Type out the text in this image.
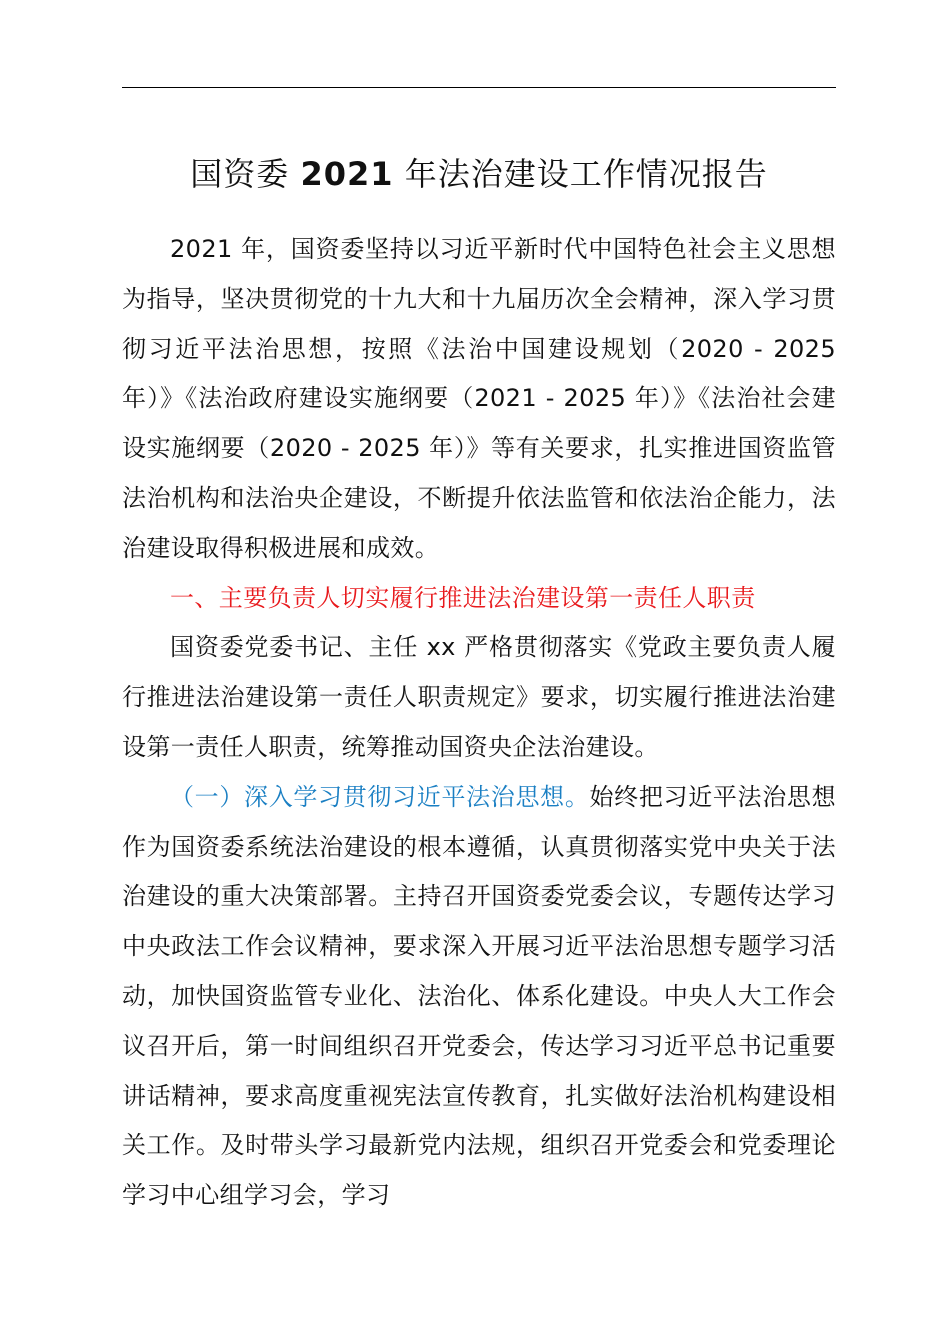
国资委 2021 年法治建设工作情况报告

2021 年，国资委坚持以习近平新时代中国特色社会主义思想为指导，坚决贯彻党的十九大和十九届历次全会精神，深入学习贯彻习近平法治思想，按照《法治中国建设规划（2020 - 2025 年）》《法治政府建设实施纲要（2021 - 2025 年）》《法治社会建设实施纲要（2020 - 2025 年）》等有关要求，扎实推进国资监管法治机构和法治央企建设，不断提升依法监管和依法治企能力，法治建设取得积极进展和成效。

一、主要负责人切实履行推进法治建设第一责任人职责

国资委党委书记、主任 xx 严格贯彻落实《党政主要负责人履行推进法治建设第一责任人职责规定》要求，切实履行推进法治建设第一责任人职责，统筹推动国资央企法治建设。

（一）深入学习贯彻习近平法治思想。始终把习近平法治思想作为国资委系统法治建设的根本遵循，认真贯彻落实党中央关于法治建设的重大决策部署。主持召开国资委党委会议，专题传达学习中央政法工作会议精神，要求深入开展习近平法治思想专题学习活动，加快国资监管专业化、法治化、体系化建设。中央人大工作会议召开后，第一时间组织召开党委会，传达学习习近平总书记重要讲话精神，要求高度重视宪法宣传教育，扎实做好法治机构建设相关工作。及时带头学习最新党内法规，组织召开党委会和党委理论学习中心组学习会，学习
